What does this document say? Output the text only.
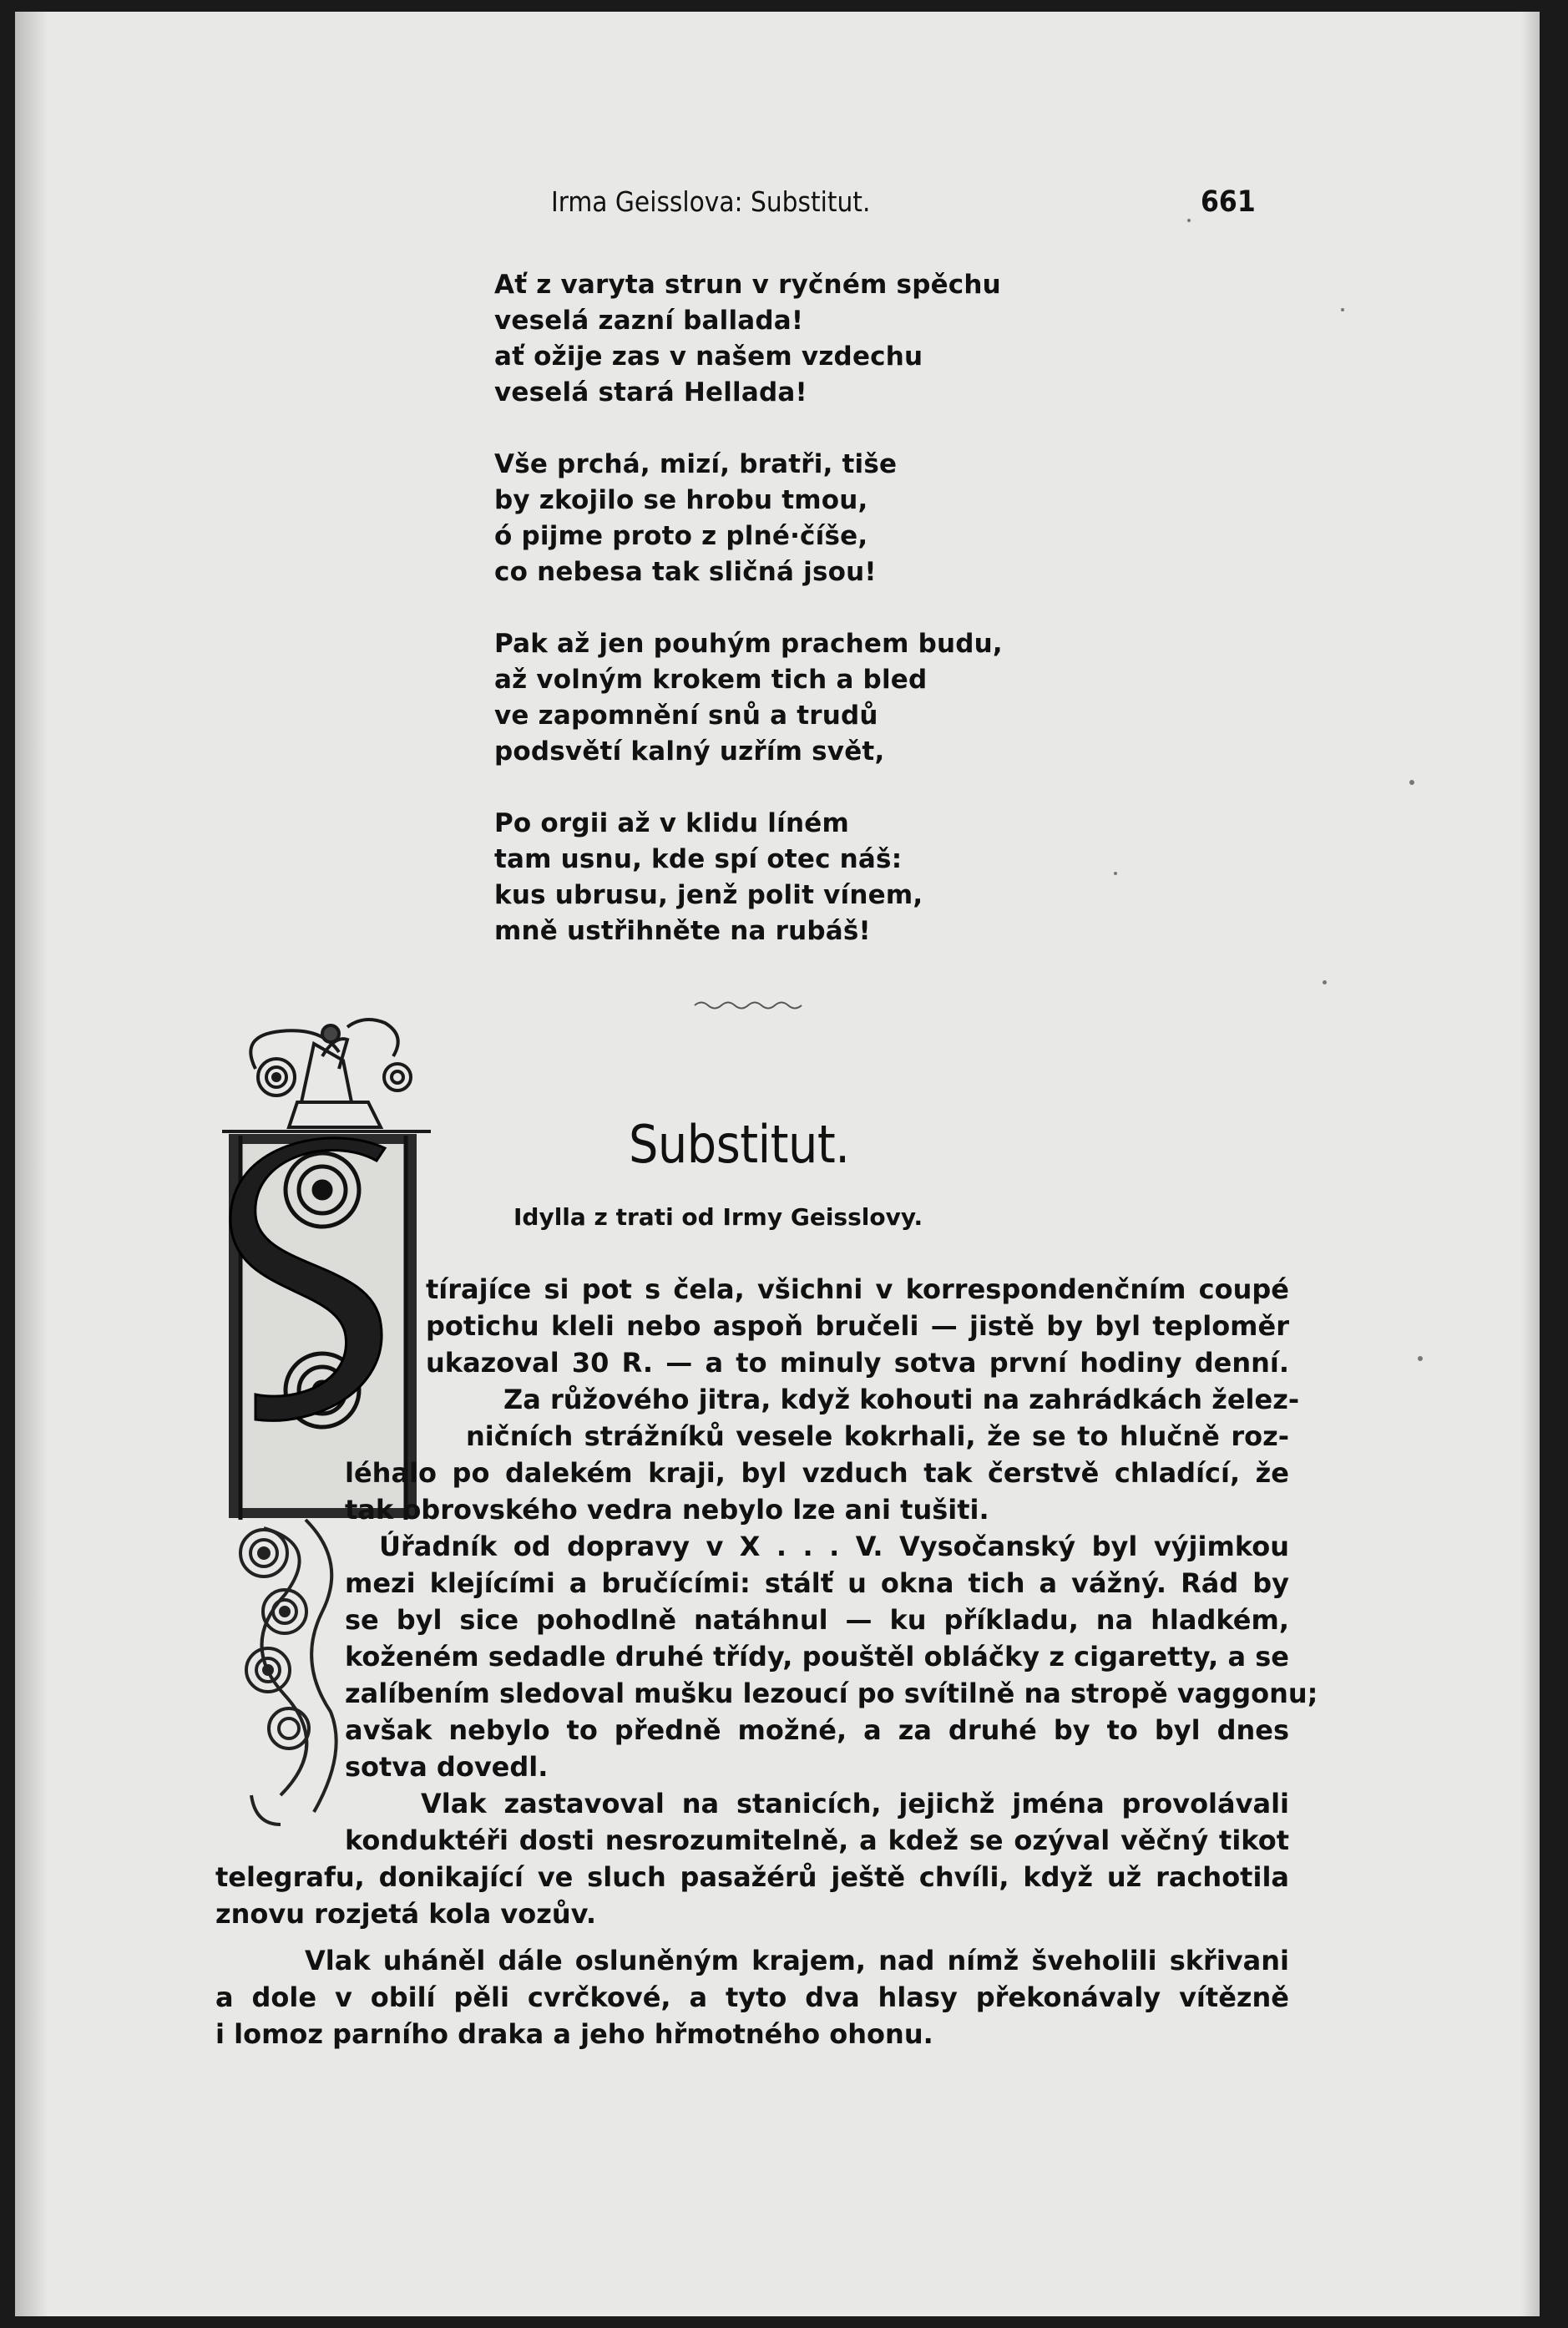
Irma Geisslova: Substitut.	661
Ať z varyta strun v ryčném spěchu
veselá zazní ballada!
ať ožije zas v našem vzdechu
veselá stará Hellada!
Vše prchá, mizí, bratři, tiše
by zkojilo se hrobu tmou,
ó pijme proto z plné·číše,
co nebesa tak sličná jsou!
Pak až jen pouhým prachem budu,
až volným krokem tich a bled
ve zapomnění snů a trudů
podsvětí kalný uzřím svět,
Po orgii až v klidu líném
tam usnu, kde spí otec náš:
kus ubrusu, jenž polit vínem,
mně ustřihněte na rubáš!
Substitut.
Idylla z trati od Irmy Geisslovy.
tírajíce si pot s čela, všichni v korrespondenčním coupé
potichu kleli nebo aspoň bručeli — jistě by byl teploměr
ukazoval 30 R. — a to minuly sotva první hodiny denní.
Za růžového jitra, když kohouti na zahrádkách želez-
ničních strážníků vesele kokrhali, že se to hlučně roz-
léhalo po dalekém kraji, byl vzduch tak čerstvě chladící, že
tak obrovského vedra nebylo lze ani tušiti.
Úřadník od dopravy v X . . . V. Vysočanský byl výjimkou
mezi klejícími a bručícími: stálť u okna tich a vážný. Rád by
se byl sice pohodlně natáhnul — ku příkladu, na hladkém,
koženém sedadle druhé třídy, pouštěl obláčky z cigaretty, a se
zalíbením sledoval mušku lezoucí po svítilně na stropě vaggonu;
avšak nebylo to předně možné, a za druhé by to byl dnes
sotva dovedl.
Vlak zastavoval na stanicích, jejichž jména provolávali
konduktéři dosti nesrozumitelně, a kdež se ozýval věčný tikot
telegrafu, donikající ve sluch pasažérů ještě chvíli, když už rachotila
znovu rozjetá kola vozův.
Vlak uháněl dále osluněným krajem, nad nímž šveholili skřivani
a dole v obilí pěli cvrčkové, a tyto dva hlasy překonávaly vítězně
i lomoz parního draka a jeho hřmotného ohonu.
